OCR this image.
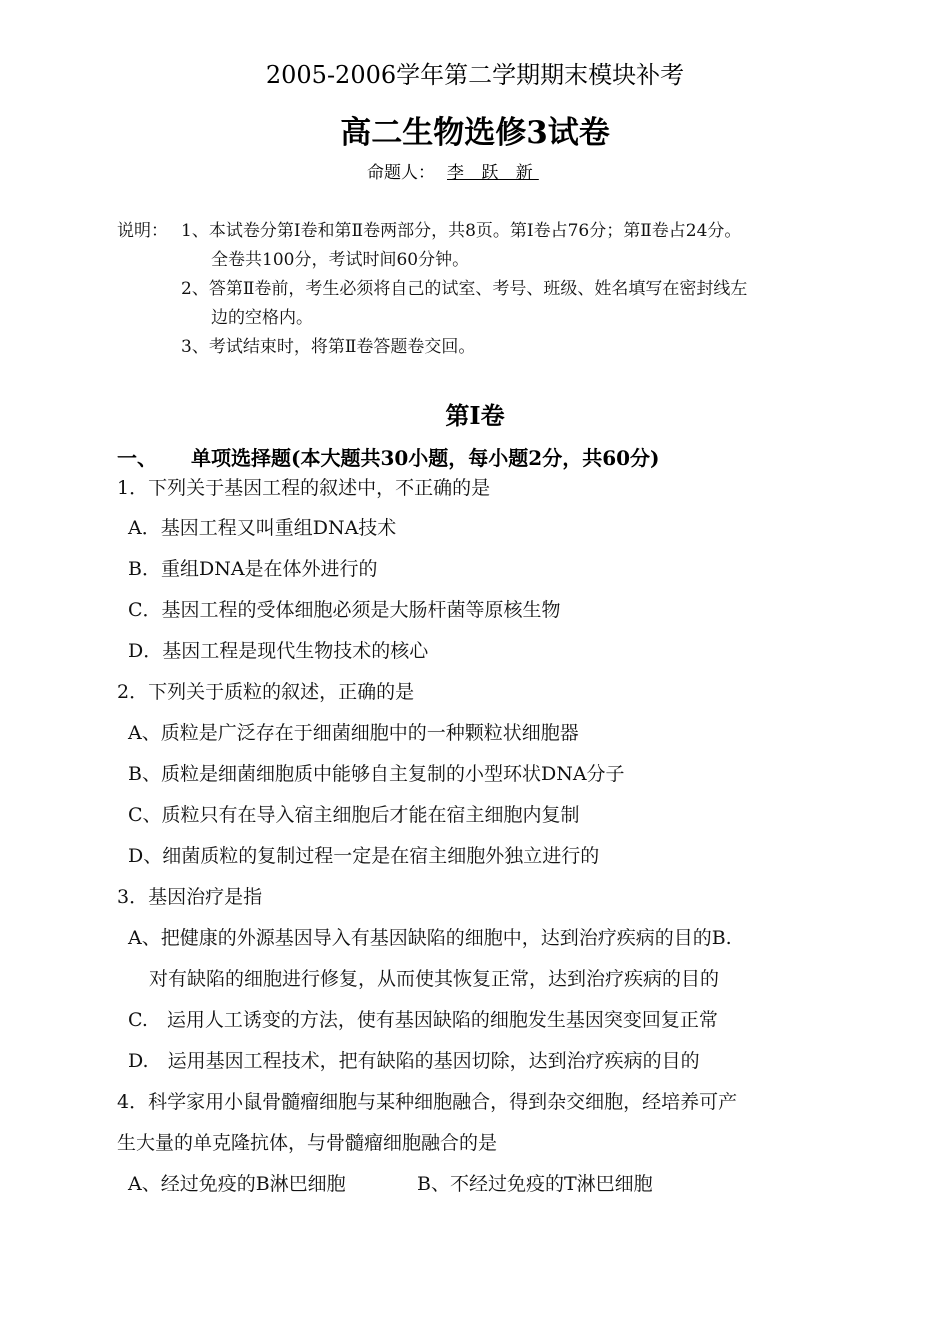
2005-2006学年第二学期期末模块补考
高二生物选修3试卷
命题人： 李 跃 新
说明： 1、本试卷分第Ⅰ卷和第Ⅱ卷两部分，共8页。第Ⅰ卷占76分；第Ⅱ卷占24分。
全卷共100分，考试时间60分钟。
2、答第Ⅱ卷前，考生必须将自己的试室、考号、班级、姓名填写在密封线左
边的空格内。
3、考试结束时，将第Ⅱ卷答题卷交回。
第Ⅰ卷
一、 单项选择题(本大题共30小题，每小题2分，共60分)
1．下列关于基因工程的叙述中，不正确的是
A．基因工程又叫重组DNA技术
B．重组DNA是在体外进行的
C．基因工程的受体细胞必须是大肠杆菌等原核生物
D．基因工程是现代生物技术的核心
2．下列关于质粒的叙述，正确的是
A、质粒是广泛存在于细菌细胞中的一种颗粒状细胞器
B、质粒是细菌细胞质中能够自主复制的小型环状DNA分子
C、质粒只有在导入宿主细胞后才能在宿主细胞内复制
D、细菌质粒的复制过程一定是在宿主细胞外独立进行的
3．基因治疗是指
A、把健康的外源基因导入有基因缺陷的细胞中，达到治疗疾病的目的B.
对有缺陷的细胞进行修复，从而使其恢复正常，达到治疗疾病的目的
C.　运用人工诱变的方法，使有基因缺陷的细胞发生基因突变回复正常
D.　运用基因工程技术，把有缺陷的基因切除，达到治疗疾病的目的
4．科学家用小鼠骨髓瘤细胞与某种细胞融合，得到杂交细胞，经培养可产
生大量的单克隆抗体，与骨髓瘤细胞融合的是
A、经过免疫的B淋巴细胞	B、不经过免疫的T淋巴细胞
